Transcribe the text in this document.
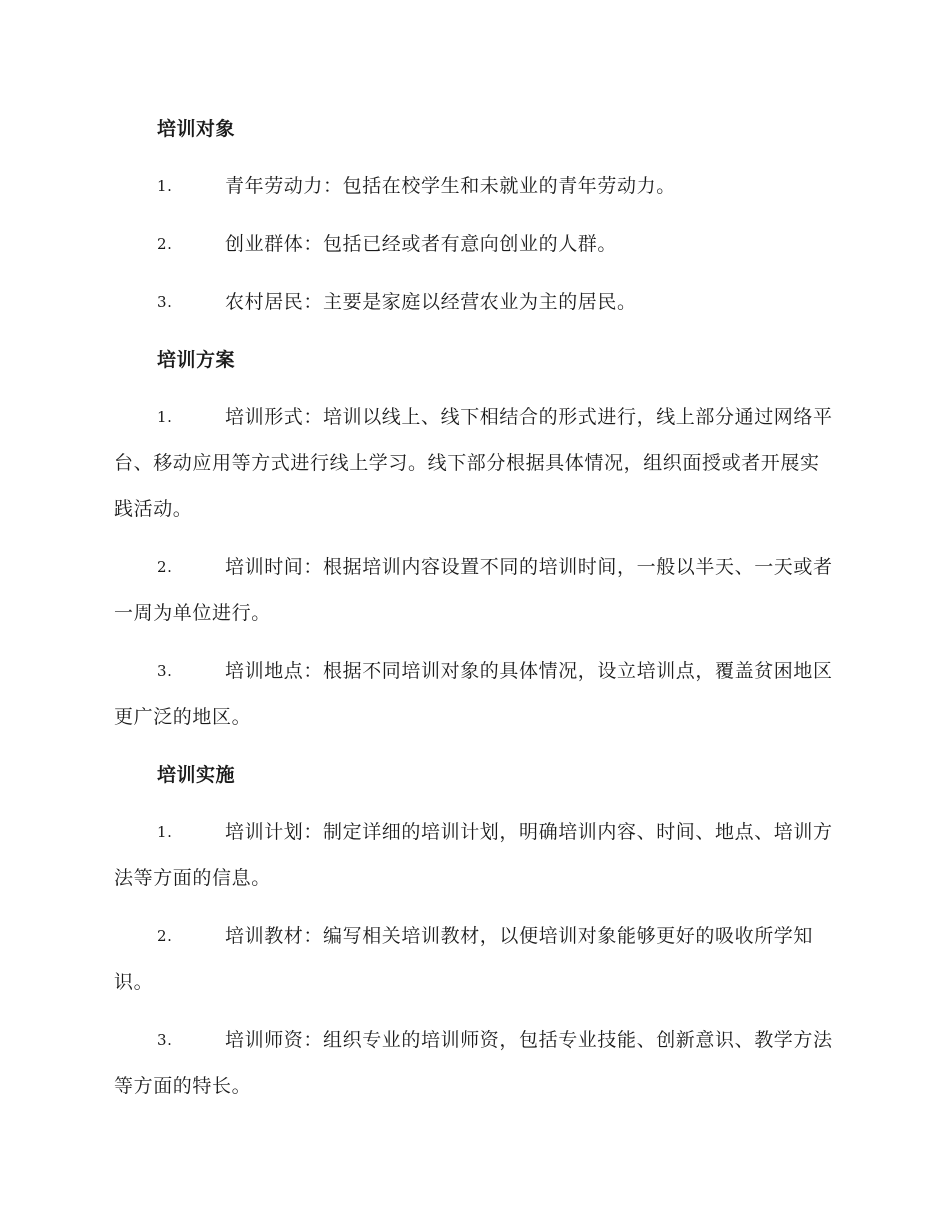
培训对象
1.	青年劳动力：包括在校学生和未就业的青年劳动力。
2.	创业群体：包括已经或者有意向创业的人群。
3.	农村居民：主要是家庭以经营农业为主的居民。
培训方案
1.	培训形式：培训以线上、线下相结合的形式进行，线上部分通过网络平台、移动应用等方式进行线上学习。线下部分根据具体情况，组织面授或者开展实践活动。
2.	培训时间：根据培训内容设置不同的培训时间，一般以半天、一天或者一周为单位进行。
3.	培训地点：根据不同培训对象的具体情况，设立培训点，覆盖贫困地区更广泛的地区。
培训实施
1.	培训计划：制定详细的培训计划，明确培训内容、时间、地点、培训方法等方面的信息。
2.	培训教材：编写相关培训教材，以便培训对象能够更好的吸收所学知识。
3.	培训师资：组织专业的培训师资，包括专业技能、创新意识、教学方法等方面的特长。
